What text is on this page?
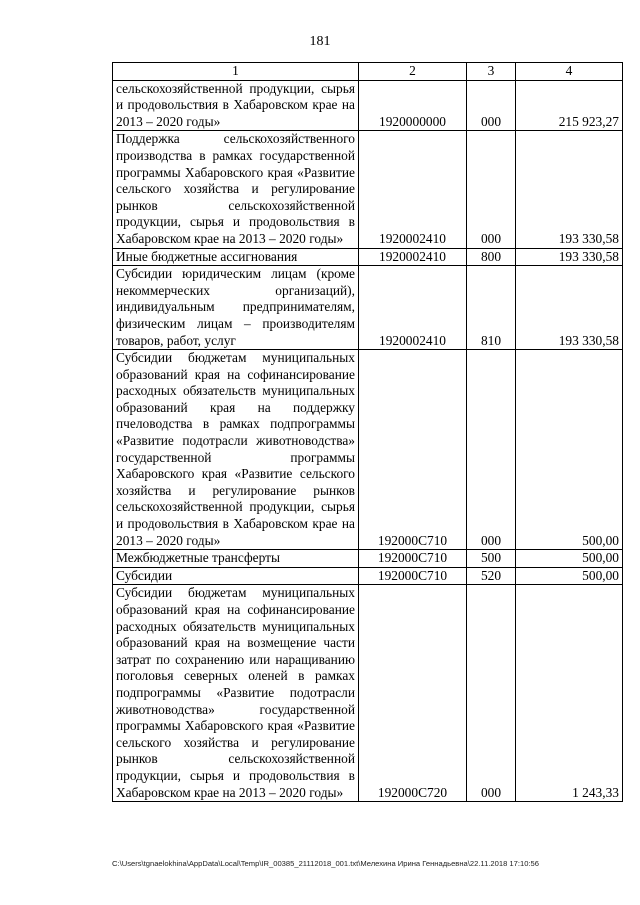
181
1	2	3	4
сельскохозяйственной продукции, сырья и продовольствия в Хабаровском крае на 2013 – 2020 годы»	1920000000	000	215 923,27
Поддержка сельскохозяйственного производства в рамках государственной программы Хабаровского края «Развитие сельского хозяйства и регулирование рынков сельскохозяйственной продукции, сырья и продовольствия в Хабаровском крае на 2013 – 2020 годы»	1920002410	000	193 330,58
Иные бюджетные ассигнования	1920002410	800	193 330,58
Субсидии юридическим лицам (кроме некоммерческих организаций), индивидуальным предпринимателям, физическим лицам – производителям товаров, работ, услуг	1920002410	810	193 330,58
Субсидии бюджетам муниципальных образований края на софинансирование расходных обязательств муниципальных образований края на поддержку пчеловодства в рамках подпрограммы «Развитие подотрасли животноводства» государственной программы Хабаровского края «Развитие сельского хозяйства и регулирование рынков сельскохозяйственной продукции, сырья и продовольствия в Хабаровском крае на 2013 – 2020 годы»	192000С710	000	500,00
Межбюджетные трансферты	192000С710	500	500,00
Субсидии	192000С710	520	500,00
Субсидии бюджетам муниципальных образований края на софинансирование расходных обязательств муниципальных образований края на возмещение части затрат по сохранению или наращиванию поголовья северных оленей в рамках подпрограммы «Развитие подотрасли животноводства» государственной программы Хабаровского края «Развитие сельского хозяйства и регулирование рынков сельскохозяйственной продукции, сырья и продовольствия в Хабаровском крае на 2013 – 2020 годы»	192000С720	000	1 243,33
C:\Users\tgnaelokhina\AppData\Local\Temp\IR_00385_21112018_001.txt\Мелехина Ирина Геннадьевна\22.11.2018 17:10:56
